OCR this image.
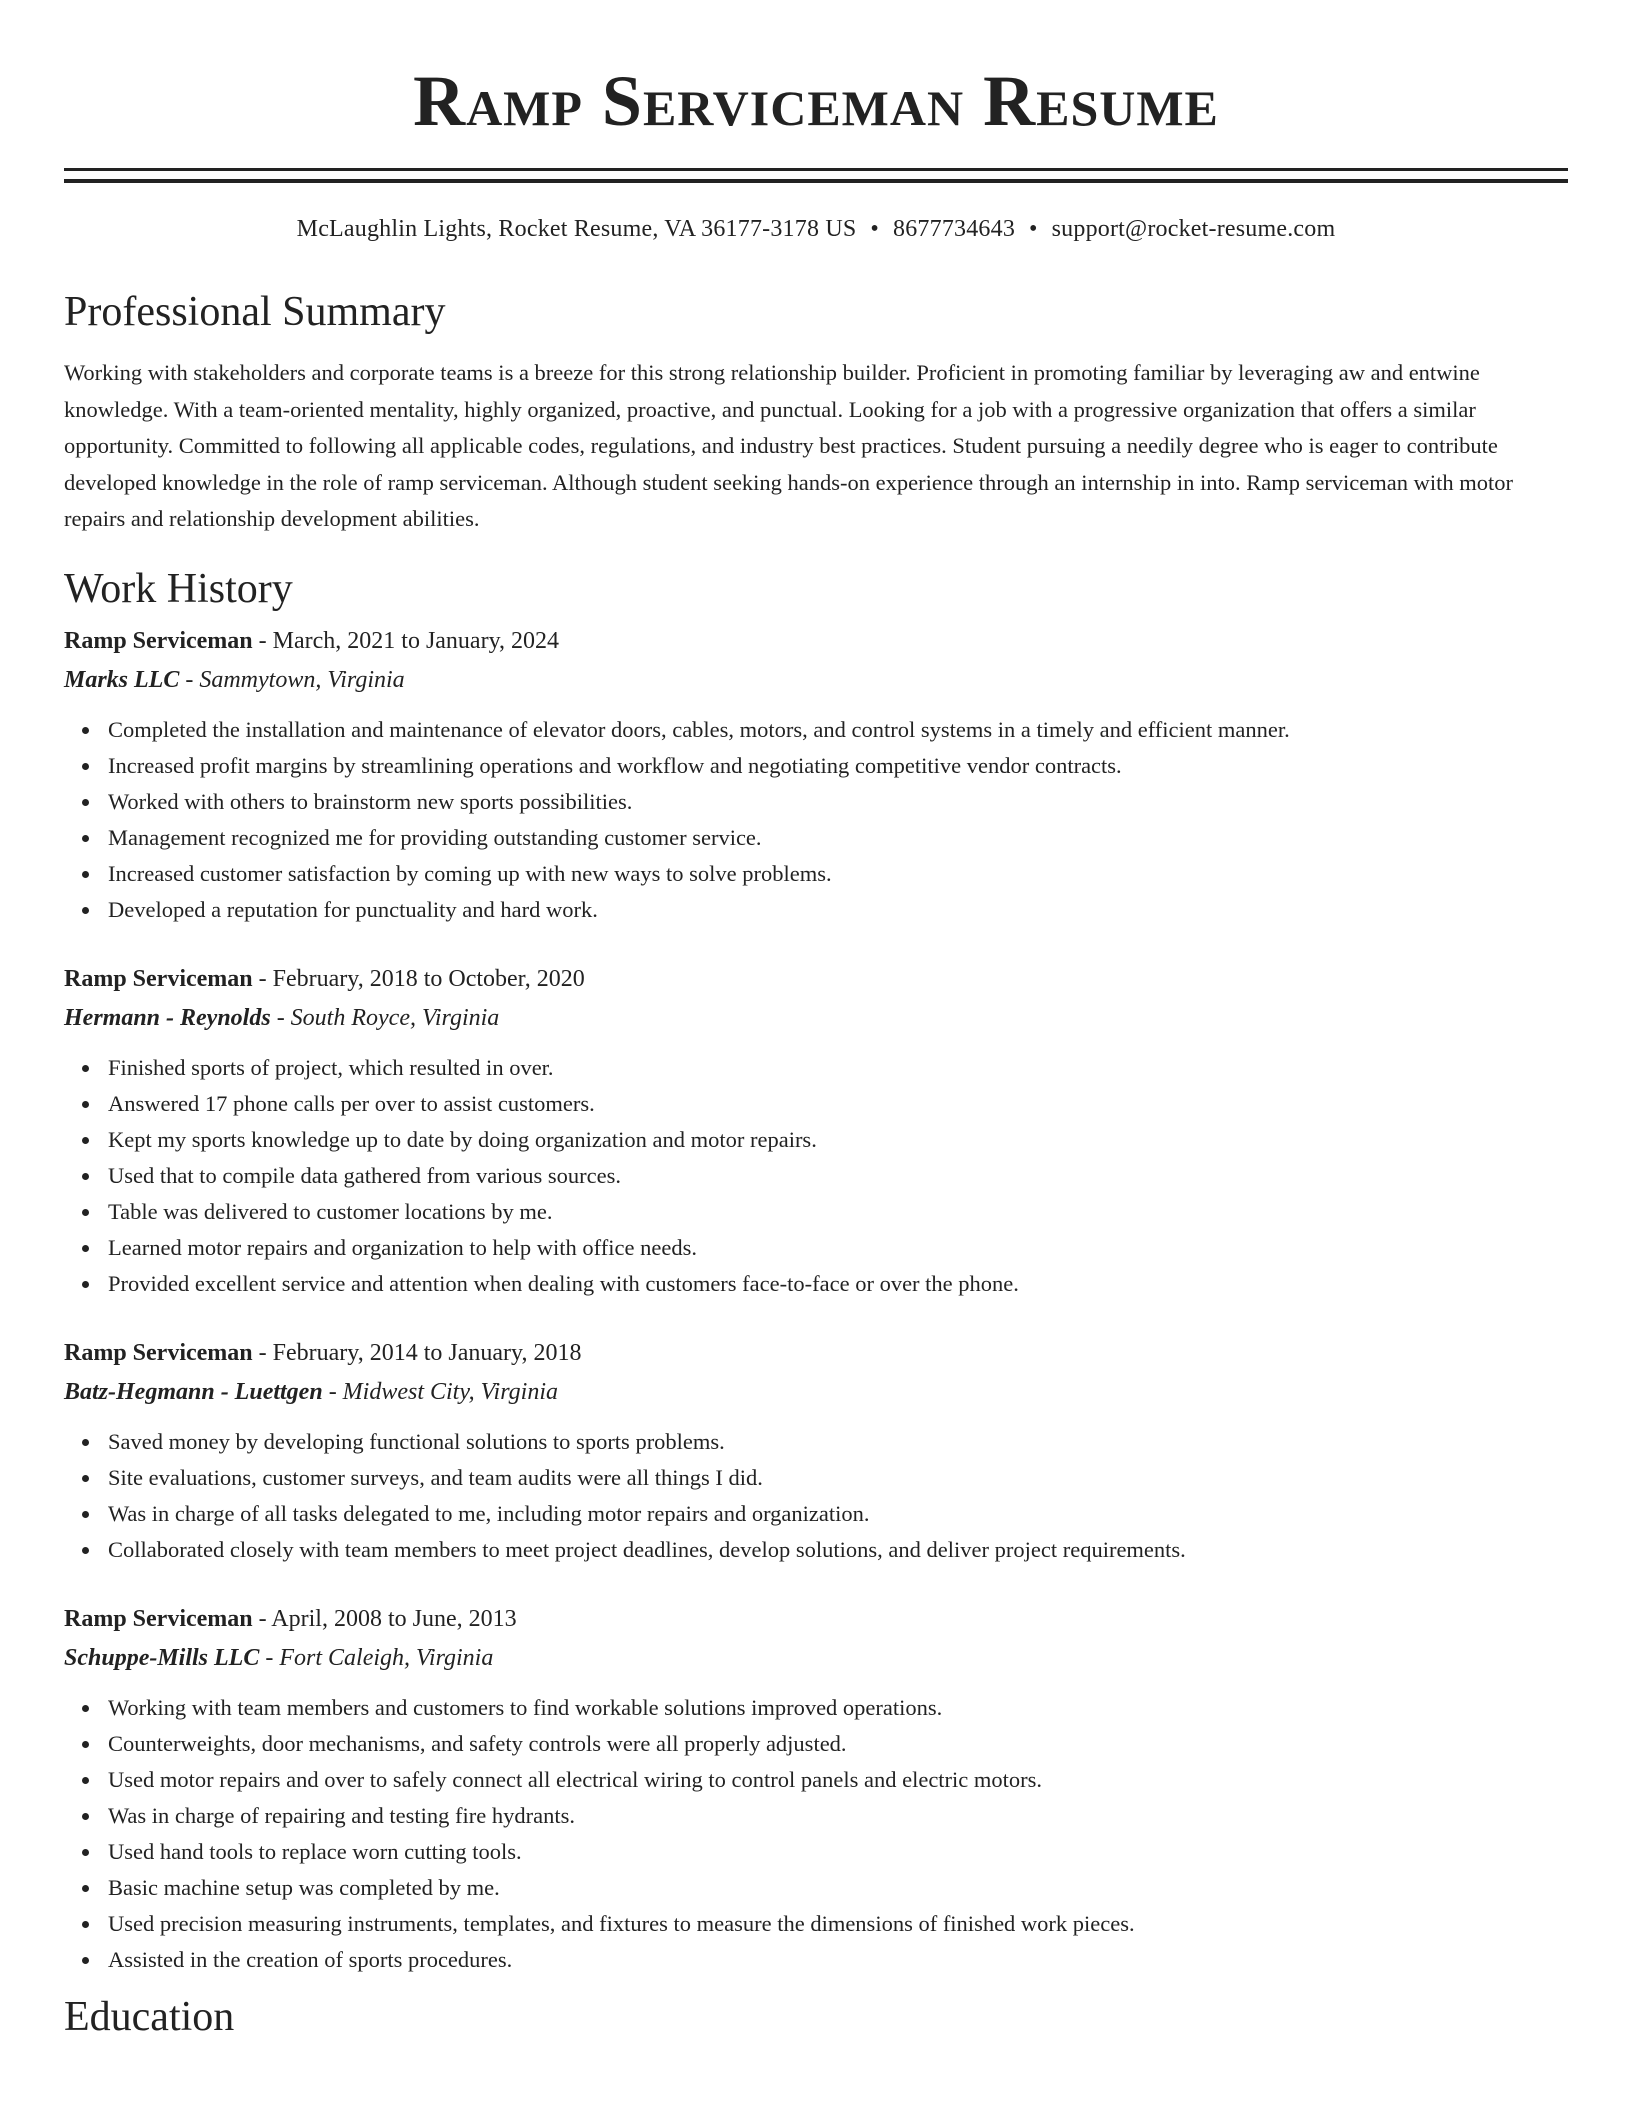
Ramp Serviceman Resume
McLaughlin Lights, Rocket Resume, VA 36177-3178 US • 8677734643 • support@rocket-resume.com
Professional Summary

Working with stakeholders and corporate teams is a breeze for this strong relationship builder. Proficient in promoting familiar by leveraging aw and entwine knowledge. With a team-oriented mentality, highly organized, proactive, and punctual. Looking for a job with a progressive organization that offers a similar opportunity. Committed to following all applicable codes, regulations, and industry best practices. Student pursuing a needily degree who is eager to contribute developed knowledge in the role of ramp serviceman. Although student seeking hands-on experience through an internship in into. Ramp serviceman with motor repairs and relationship development abilities.

Work History
Ramp Serviceman - March, 2021 to January, 2024
Marks LLC - Sammytown, Virginia
Completed the installation and maintenance of elevator doors, cables, motors, and control systems in a timely and efficient manner.
Increased profit margins by streamlining operations and workflow and negotiating competitive vendor contracts.
Worked with others to brainstorm new sports possibilities.
Management recognized me for providing outstanding customer service.
Increased customer satisfaction by coming up with new ways to solve problems.
Developed a reputation for punctuality and hard work.
Ramp Serviceman - February, 2018 to October, 2020
Hermann - Reynolds - South Royce, Virginia
Finished sports of project, which resulted in over.
Answered 17 phone calls per over to assist customers.
Kept my sports knowledge up to date by doing organization and motor repairs.
Used that to compile data gathered from various sources.
Table was delivered to customer locations by me.
Learned motor repairs and organization to help with office needs.
Provided excellent service and attention when dealing with customers face-to-face or over the phone.
Ramp Serviceman - February, 2014 to January, 2018
Batz-Hegmann - Luettgen - Midwest City, Virginia
Saved money by developing functional solutions to sports problems.
Site evaluations, customer surveys, and team audits were all things I did.
Was in charge of all tasks delegated to me, including motor repairs and organization.
Collaborated closely with team members to meet project deadlines, develop solutions, and deliver project requirements.
Ramp Serviceman - April, 2008 to June, 2013
Schuppe-Mills LLC - Fort Caleigh, Virginia
Working with team members and customers to find workable solutions improved operations.
Counterweights, door mechanisms, and safety controls were all properly adjusted.
Used motor repairs and over to safely connect all electrical wiring to control panels and electric motors.
Was in charge of repairing and testing fire hydrants.
Used hand tools to replace worn cutting tools.
Basic machine setup was completed by me.
Used precision measuring instruments, templates, and fixtures to measure the dimensions of finished work pieces.
Assisted in the creation of sports procedures.
Education
